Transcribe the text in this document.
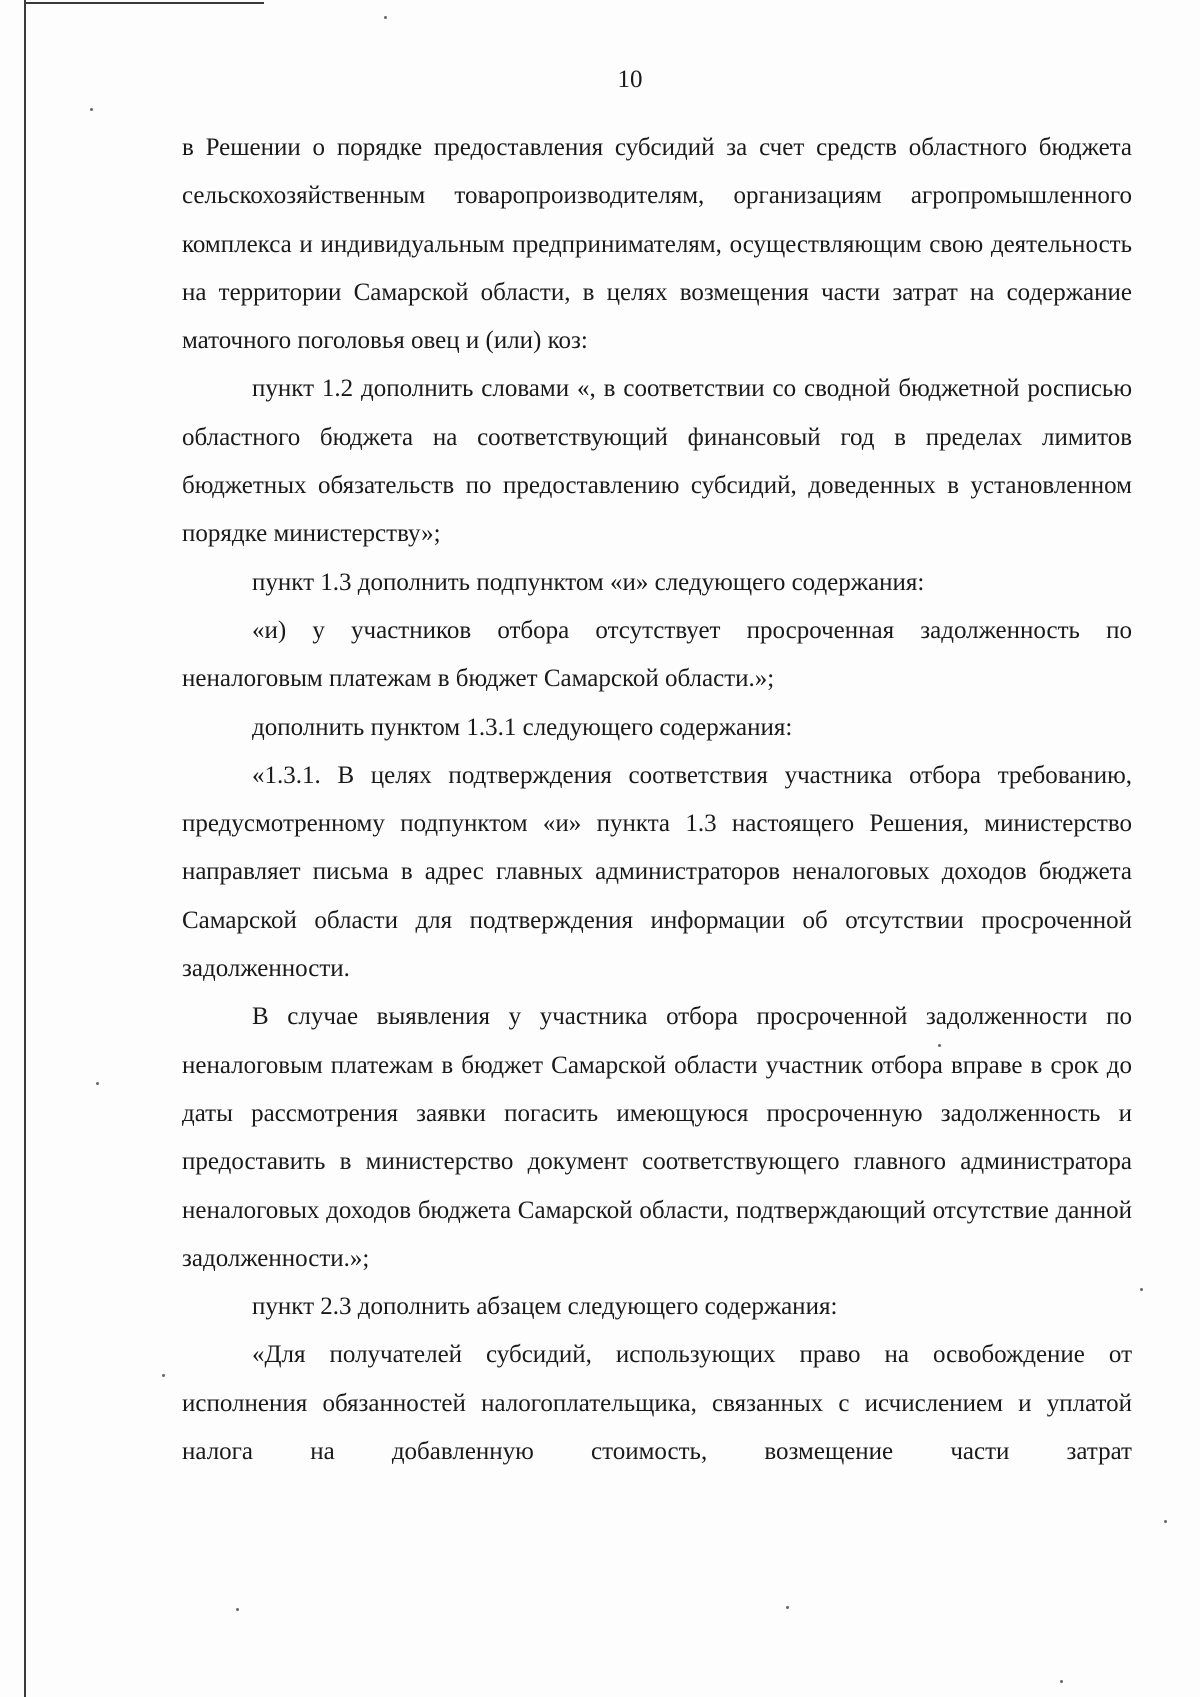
10

в Решении о порядке предоставления субсидий за счет средств областного бюджета сельскохозяйственным товаропроизводителям, организациям агропромышленного комплекса и индивидуальным предпринимателям, осуществляющим свою деятельность на территории Самарской области, в целях возмещения части затрат на содержание маточного поголовья овец и (или) коз:

пункт 1.2 дополнить словами «, в соответствии со сводной бюджетной росписью областного бюджета на соответствующий финансовый год в пределах лимитов бюджетных обязательств по предоставлению субсидий, доведенных в установленном порядке министерству»;

пункт 1.3 дополнить подпунктом «и» следующего содержания:

«и) у участников отбора отсутствует просроченная задолженность по неналоговым платежам в бюджет Самарской области.»;

дополнить пунктом 1.3.1 следующего содержания:

«1.3.1. В целях подтверждения соответствия участника отбора требованию, предусмотренному подпунктом «и» пункта 1.3 настоящего Решения, министерство направляет письма в адрес главных администраторов неналоговых доходов бюджета Самарской области для подтверждения информации об отсутствии просроченной задолженности.

В случае выявления у участника отбора просроченной задолженности по неналоговым платежам в бюджет Самарской области участник отбора вправе в срок до даты рассмотрения заявки погасить имеющуюся просроченную задолженность и предоставить в министерство документ соответствующего главного администратора неналоговых доходов бюджета Самарской области, подтверждающий отсутствие данной задолженности.»;

пункт 2.3 дополнить абзацем следующего содержания:

«Для получателей субсидий, использующих право на освобождение от исполнения обязанностей налогоплательщика, связанных с исчислением и уплатой налога на добавленную стоимость, возмещение части затрат
